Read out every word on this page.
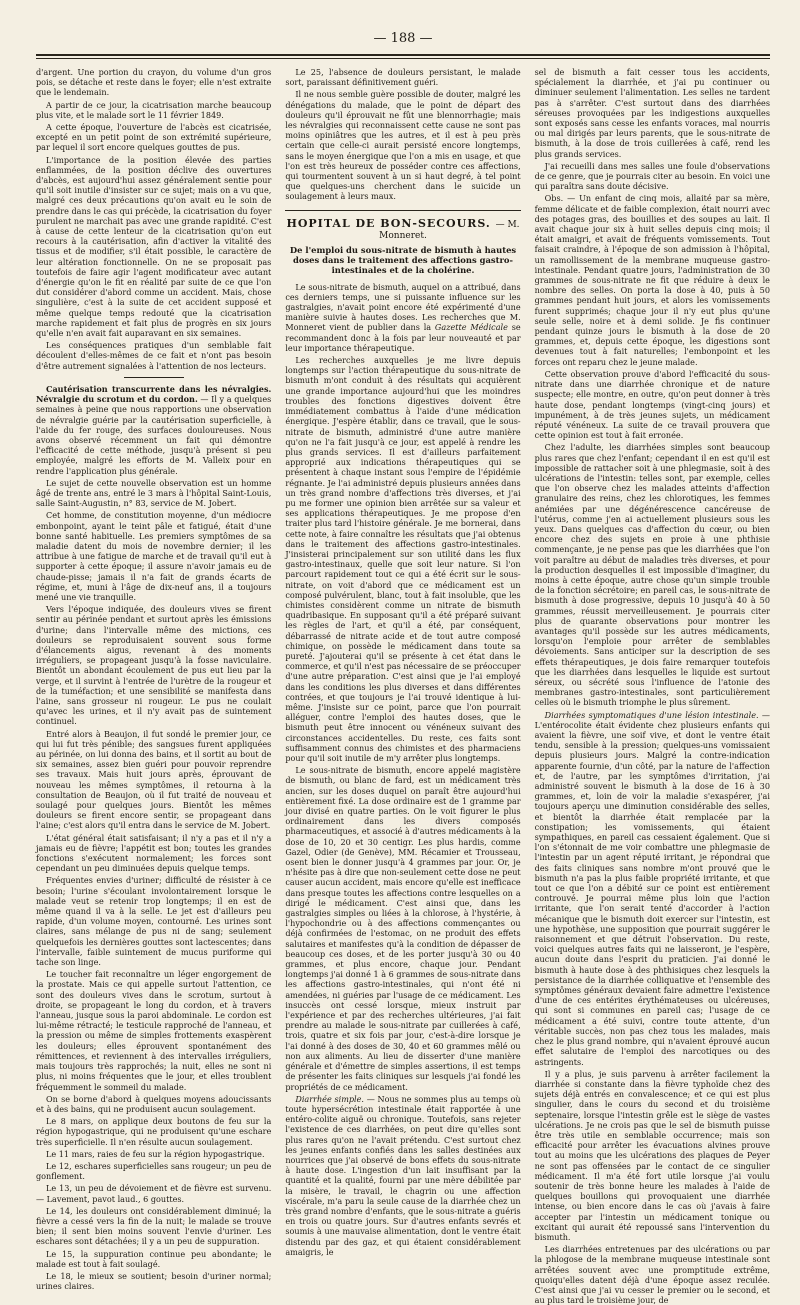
— 188 —

d'argent. Une portion du crayon, du volume d'un gros pois, se détache et reste dans le foyer; elle n'est extraite que le lendemain.

A partir de ce jour, la cicatrisation marche beaucoup plus vite, et le malade sort le 11 février 1849.

A cette époque, l'ouverture de l'abcès est cicatrisée, excepté en un petit point de son extrémité supérieure, par lequel il sort encore quelques gouttes de pus.

L'importance de la position élevée des parties enflammées, de la position déclive des ouvertures d'abcès, est aujourd'hui assez généralement sentie pour qu'il soit inutile d'insister sur ce sujet; mais on a vu que, malgré ces deux précautions qu'on avait eu le soin de prendre dans le cas qui précède, la cicatrisation du foyer purulent ne marchait pas avec une grande rapidité. C'est à cause de cette lenteur de la cicatrisation qu'on eut recours à la cautérisation, afin d'activer la vitalité des tissus et de modifier, s'il était possible, le caractère de leur altération fonctionnelle. On ne se proposait pas toutefois de faire agir l'agent modificateur avec autant d'énergie qu'on le fit en réalité par suite de ce que l'on dut considérer d'abord comme un accident. Mais, chose singulière, c'est à la suite de cet accident supposé et même quelque temps redouté que la cicatrisation marche rapidement et fait plus de progrès en six jours qu'elle n'en avait fait auparavant en six semaines.

Les conséquences pratiques d'un semblable fait découlent d'elles-mêmes de ce fait et n'ont pas besoin d'être autrement signalées à l'attention de nos lecteurs.

Cautérisation transcurrente dans les névralgies. Névralgie du scrotum et du cordon. — Il y a quelques semaines à peine que nous rapportions une observation de névralgie guérie par la cautérisation superficielle, à l'aide du fer rouge, des surfaces douloureuses. Nous avons observé récemment un fait qui démontre l'efficacité de cette méthode, jusqu'à présent si peu employée, malgré les efforts de M. Valleix pour en rendre l'application plus générale.

Le sujet de cette nouvelle observation est un homme âgé de trente ans, entré le 3 mars à l'hôpital Saint-Louis, salle Saint-Augustin, n° 83, service de M. Jobert.

Cet homme, de constitution moyenne, d'un médiocre embonpoint, ayant le teint pâle et fatigué, était d'une bonne santé habituelle. Les premiers symptômes de sa maladie datent du mois de novembre dernier; il les attribue à une fatigue de marche et de travail qu'il eut à supporter à cette époque; il assure n'avoir jamais eu de chaude-pisse; jamais il n'a fait de grands écarts de régime, et, muni à l'âge de dix-neuf ans, il a toujours mené une vie tranquille.

Vers l'époque indiquée, des douleurs vives se firent sentir au périnée pendant et surtout après les émissions d'urine; dans l'intervalle même des mictions, ces douleurs se reproduisaient souvent sous forme d'élancements aigus, revenant à des moments irréguliers, se propageant jusqu'à la fosse naviculaire. Bientôt un abondant écoulement de pus eut lieu par la verge, et il survint à l'entrée de l'urètre de la rougeur et de la tuméfaction; et une sensibilité se manifesta dans l'aine, sans grosseur ni rougeur. Le pus ne coulait qu'avec les urines, et il n'y avait pas de suintement continuel.

Entré alors à Beaujon, il fut sondé le premier jour, ce qui lui fut très pénible; des sangsues furent appliquées au périnée, on lui donna des bains, et il sortit au bout de six semaines, assez bien guéri pour pouvoir reprendre ses travaux. Mais huit jours après, éprouvant de nouveau les mêmes symptômes, il retourna à la consultation de Beaujon, où il fut traité de nouveau et soulagé pour quelques jours. Bientôt les mêmes douleurs se firent encore sentir, se propageant dans l'aine; c'est alors qu'il entra dans le service de M. Jobert.

L'état général était satisfaisant; il n'y a pas et il n'y a jamais eu de fièvre; l'appétit est bon; toutes les grandes fonctions s'exécutent normalement; les forces sont cependant un peu diminuées depuis quelque temps.

Fréquentes envies d'uriner; difficulté de résister à ce besoin; l'urine s'écoulant involontairement lorsque le malade veut se retenir trop longtemps; il en est de même quand il va à la selle. Le jet est d'ailleurs peu rapide, d'un volume moyen, contourné. Les urines sont claires, sans mélange de pus ni de sang; seulement quelquefois les dernières gouttes sont lactescentes; dans l'intervalle, faible suintement de mucus puriforme qui tache son linge.

Le toucher fait reconnaître un léger engorgement de la prostate. Mais ce qui appelle surtout l'attention, ce sont des douleurs vives dans le scrotum, surtout à droite, se propageant le long du cordon, et à travers l'anneau, jusque sous la paroi abdominale. Le cordon est lui-même rétracté; le testicule rapproché de l'anneau, et la pression ou même de simples frottements exaspèrent les douleurs; elles éprouvent spontanément des rémittences, et reviennent à des intervalles irréguliers, mais toujours très rapprochés; la nuit, elles ne sont ni plus, ni moins fréquentes que le jour, et elles troublent fréquemment le sommeil du malade.

On se borne d'abord à quelques moyens adoucissants et à des bains, qui ne produisent aucun soulagement.

Le 8 mars, on applique deux boutons de feu sur la région hypogastrique, qui ne produisent qu'une eschare très superficielle. Il n'en résulte aucun soulagement.

Le 11 mars, raies de feu sur la région hypogastrique.

Le 12, eschares superficielles sans rougeur; un peu de gonflement.

Le 13, un peu de dévoiement et de fièvre est survenu. — Lavement, pavot laud., 6 gouttes.

Le 14, les douleurs ont considérablement diminué; la fièvre a cessé vers la fin de la nuit; le malade se trouve bien; il sent bien moins souvent l'envie d'uriner. Les eschares sont détachées; il y a un peu de suppuration.

Le 15, la suppuration continue peu abondante; le malade est tout à fait soulagé.

Le 18, le mieux se soutient; besoin d'uriner normal; urines claires.

Le 25, l'absence de douleurs persistant, le malade sort, paraissant définitivement guéri.

Il ne nous semble guère possible de douter, malgré les dénégations du malade, que le point de départ des douleurs qu'il éprouvait ne fût une blennorrhagie; mais les névralgies qui reconnaissent cette cause ne sont pas moins opiniâtres que les autres, et il est à peu près certain que celle-ci aurait persisté encore longtemps, sans le moyen énergique que l'on a mis en usage, et que l'on est très heureux de posséder contre ces affections, qui tourmentent souvent à un si haut degré, à tel point que quelques-uns cherchent dans le suicide un soulagement à leurs maux.

HOPITAL DE BON-SECOURS. — M. Monneret.
De l'emploi du sous-nitrate de bismuth à hautes doses dans le traitement des affections gastro-intestinales et de la cholérine.

Le sous-nitrate de bismuth, auquel on a attribué, dans ces derniers temps, une si puissante influence sur les gastralgies, n'avait point encore été expérimenté d'une manière suivie à hautes doses. Les recherches que M. Monneret vient de publier dans la Gazette Médicale se recommandent donc à la fois par leur nouveauté et par leur importance thérapeutique.

Les recherches auxquelles je me livre depuis longtemps sur l'action thérapeutique du sous-nitrate de bismuth m'ont conduit à des résultats qui acquièrent une grande importance aujourd'hui que les moindres troubles des fonctions digestives doivent être immédiatement combattus à l'aide d'une médication énergique. J'espère établir, dans ce travail, que le sous-nitrate de bismuth, administré d'une autre manière qu'on ne l'a fait jusqu'à ce jour, est appelé à rendre les plus grands services. Il est d'ailleurs parfaitement approprié aux indications thérapeutiques qui se présentent à chaque instant sous l'empire de l'épidémie régnante. Je l'ai administré depuis plusieurs années dans un très grand nombre d'affections très diverses, et j'ai pu me former une opinion bien arrêtée sur sa valeur et ses applications thérapeutiques. Je me propose d'en traiter plus tard l'histoire générale. Je me bornerai, dans cette note, à faire connaître les résultats que j'ai obtenus dans le traitement des affections gastro-intestinales. J'insisterai principalement sur son utilité dans les flux gastro-intestinaux, quelle que soit leur nature. Si l'on parcourt rapidement tout ce qui a été écrit sur le sous-nitrate, on voit d'abord que ce médicament est un composé pulvérulent, blanc, tout à fait insoluble, que les chimistes considèrent comme un nitrate de bismuth quadribasique. En supposant qu'il a été préparé suivant les règles de l'art, et qu'il a été, par conséquent, débarrassé de nitrate acide et de tout autre composé chimique, on possède le médicament dans toute sa pureté. J'ajouterai qu'il se présente à cet état dans le commerce, et qu'il n'est pas nécessaire de se préoccuper d'une autre préparation. C'est ainsi que je l'ai employé dans les conditions les plus diverses et dans différentes contrées, et que toujours je l'ai trouvé identique à lui-même. J'insiste sur ce point, parce que l'on pourrait alléguer, contre l'emploi des hautes doses, que le bismuth peut être innocent ou vénéneux suivant des circonstances accidentelles. Du reste, ces faits sont suffisamment connus des chimistes et des pharmaciens pour qu'il soit inutile de m'y arrêter plus longtemps.

Le sous-nitrate de bismuth, encore appelé magistère de bismuth, ou blanc de fard, est un médicament très ancien, sur les doses duquel on paraît être aujourd'hui entièrement fixé. La dose ordinaire est de 1 gramme par jour divisé en quatre parties. On le voit figurer le plus ordinairement dans les divers composés pharmaceutiques, et associé à d'autres médicaments à la dose de 10, 20 et 30 centigr. Les plus hardis, comme Gazel, Odier (de Genève), MM. Récamier et Trousseau, osent bien le donner jusqu'à 4 grammes par jour. Or, je n'hésite pas à dire que non-seulement cette dose ne peut causer aucun accident, mais encore qu'elle est inefficace dans presque toutes les affections contre lesquelles on a dirigé le médicament. C'est ainsi que, dans les gastralgies simples ou liées à la chlorose, à l'hystérie, à l'hypochondrie ou à des affections commençantes ou déjà confirmées de l'estomac, on ne produit des effets salutaires et manifestes qu'à la condition de dépasser de beaucoup ces doses, et de les porter jusqu'à 30 ou 40 grammes, et plus encore, chaque jour. Pendant longtemps j'ai donné 1 à 6 grammes de sous-nitrate dans les affections gastro-intestinales, qui n'ont été ni amendées, ni guéries par l'usage de ce médicament. Les insuccès ont cessé lorsque, mieux instruit par l'expérience et par des recherches ultérieures, j'ai fait prendre au malade le sous-nitrate par cuillerées à café, trois, quatre et six fois par jour, c'est-à-dire lorsque je l'ai donné à des doses de 30, 40 et 60 grammes mêlé ou non aux aliments. Au lieu de disserter d'une manière générale et d'émettre de simples assertions, il est temps de présenter les faits cliniques sur lesquels j'ai fondé les propriétés de ce médicament.

Diarrhée simple. — Nous ne sommes plus au temps où toute hypersécrétion intestinale était rapportée à une entéro-colite aiguë ou chronique. Toutefois, sans rejeter l'existence de ces diarrhées, on peut dire qu'elles sont plus rares qu'on ne l'avait prétendu. C'est surtout chez les jeunes enfants confiés dans les salles destinées aux nourrices que j'ai observé de bons effets du sous-nitrate à haute dose. L'ingestion d'un lait insuffisant par la quantité et la qualité, fourni par une mère débilitée par la misère, le travail, le chagrin ou une affection viscérale, m'a paru la seule cause de la diarrhée chez un très grand nombre d'enfants, que le sous-nitrate a guéris en trois ou quatre jours. Sur d'autres enfants sevrés et soumis à une mauvaise alimentation, dont le ventre était distendu par des gaz, et qui étaient considérablement amaigris, le

sel de bismuth a fait cesser tous les accidents, spécialement la diarrhée, et j'ai pu continuer ou diminuer seulement l'alimentation. Les selles ne tardent pas à s'arrêter. C'est surtout dans des diarrhées séreuses provoquées par les indigestions auxquelles sont exposés sans cesse les enfants voraces, mal nourris ou mal dirigés par leurs parents, que le sous-nitrate de bismuth, à la dose de trois cuillerées à café, rend les plus grands services.

J'ai recueilli dans mes salles une foule d'observations de ce genre, que je pourrais citer au besoin. En voici une qui paraîtra sans doute décisive.

Obs. — Un enfant de cinq mois, allaité par sa mère, femme délicate et de faible complexion, était nourri avec des potages gras, des bouillies et des soupes au lait. Il avait chaque jour six à huit selles depuis cinq mois; il était amaigri, et avait de fréquents vomissements. Tout faisait craindre, à l'époque de son admission à l'hôpital, un ramollissement de la membrane muqueuse gastro-intestinale. Pendant quatre jours, l'administration de 30 grammes de sous-nitrate ne fit que réduire à deux le nombre des selles. On porta la dose à 40, puis à 50 grammes pendant huit jours, et alors les vomissements furent supprimés; chaque jour il n'y eut plus qu'une seule selle, noire et à demi solide. Je fis continuer pendant quinze jours le bismuth à la dose de 20 grammes, et, depuis cette époque, les digestions sont devenues tout à fait naturelles; l'embonpoint et les forces ont reparu chez le jeune malade.

Cette observation prouve d'abord l'efficacité du sous-nitrate dans une diarrhée chronique et de nature suspecte; elle montre, en outre, qu'on peut donner à très haute dose, pendant longtemps (vingt-cinq jours) et impunément, à de très jeunes sujets, un médicament réputé vénéneux. La suite de ce travail prouvera que cette opinion est tout à fait erronée.

Chez l'adulte, les diarrhées simples sont beaucoup plus rares que chez l'enfant; cependant il en est qu'il est impossible de rattacher soit à une phlegmasie, soit à des ulcérations de l'intestin: telles sont, par exemple, celles que l'on observe chez les malades atteints d'affection granulaire des reins, chez les chlorotiques, les femmes anémiées par une dégénérescence cancéreuse de l'utérus, comme j'en ai actuellement plusieurs sous les yeux. Dans quelques cas d'affection du cœur, ou bien encore chez des sujets en proie à une phthisie commençante, je ne pense pas que les diarrhées que l'on voit paraître au début de maladies très diverses, et pour la production desquelles il est impossible d'imaginer, du moins à cette époque, autre chose qu'un simple trouble de la fonction sécrétoire; en pareil cas, le sous-nitrate de bismuth à dose progressive, depuis 10 jusqu'à 40 à 50 grammes, réussit merveilleusement. Je pourrais citer plus de quarante observations pour montrer les avantages qu'il possède sur les autres médicaments, lorsqu'on l'emploie pour arrêter de semblables dévoiements. Sans anticiper sur la description de ses effets thérapeutiques, je dois faire remarquer toutefois que les diarrhées dans lesquelles le liquide est surtout séreux, ou sécrété sous l'influence de l'atonie des membranes gastro-intestinales, sont particulièrement celles où le bismuth triomphe le plus sûrement.

Diarrhées symptomatiques d'une lésion intestinale. — L'entérocolite était évidente chez plusieurs enfants qui avaient la fièvre, une soif vive, et dont le ventre était tendu, sensible à la pression; quelques-uns vomissaient depuis plusieurs jours. Malgré la contre-indication apparente fournie, d'un côté, par la nature de l'affection et, de l'autre, par les symptômes d'irritation, j'ai administré souvent le bismuth à la dose de 16 à 30 grammes, et, loin de voir la maladie s'exaspérer, j'ai toujours aperçu une diminution considérable des selles, et bientôt la diarrhée était remplacée par la constipation; les vomissements, qui étaient sympathiques, en pareil cas cessaient également. Que si l'on s'étonnait de me voir combattre une phlegmasie de l'intestin par un agent réputé irritant, je répondrai que des faits cliniques sans nombre m'ont prouvé que le bismuth n'a pas la plus faible propriété irritante, et que tout ce que l'on a débité sur ce point est entièrement controuvé. Je pourrai même plus loin que l'action irritante, que l'on serait tenté d'accorder à l'action mécanique que le bismuth doit exercer sur l'intestin, est une hypothèse, une supposition que pourrait suggérer le raisonnement et que détruit l'observation. Du reste, voici quelques autres faits qui ne laisseront, je l'espère, aucun doute dans l'esprit du praticien. J'ai donné le bismuth à haute dose à des phthisiques chez lesquels la persistance de la diarrhée colliquative et l'ensemble des symptômes généraux devaient faire admettre l'existence d'une de ces entérites érythémateuses ou ulcéreuses, qui sont si communes en pareil cas; l'usage de ce médicament a été suivi, contre toute attente, d'un véritable succès, non pas chez tous les malades, mais chez le plus grand nombre, qui n'avaient éprouvé aucun effet salutaire de l'emploi des narcotiques ou des astringents.

Il y a plus, je suis parvenu à arrêter facilement la diarrhée si constante dans la fièvre typhoïde chez des sujets déjà entrés en convalescence; et ce qui est plus singulier, dans le cours du second et du troisième septenaire, lorsque l'intestin grêle est le siège de vastes ulcérations. Je ne crois pas que le sel de bismuth puisse être très utile en semblable occurrence; mais son efficacité pour arrêter les évacuations alvines prouve tout au moins que les ulcérations des plaques de Peyer ne sont pas offensées par le contact de ce singulier médicament. Il m'a été fort utile lorsque j'ai voulu soutenir de très bonne heure les malades à l'aide de quelques bouillons qui provoquaient une diarrhée intense, ou bien encore dans le cas où j'avais à faire accepter par l'intestin un médicament tonique ou excitant qui aurait été repoussé sans l'intervention du bismuth.

Les diarrhées entretenues par des ulcérations ou par la phlogose de la membrane muqueuse intestinale sont arrêtées souvent avec une promptitude extrême, quoiqu'elles datent déjà d'une époque assez reculée. C'est ainsi que j'ai vu cesser le premier ou le second, et au plus tard le troisième jour, de
